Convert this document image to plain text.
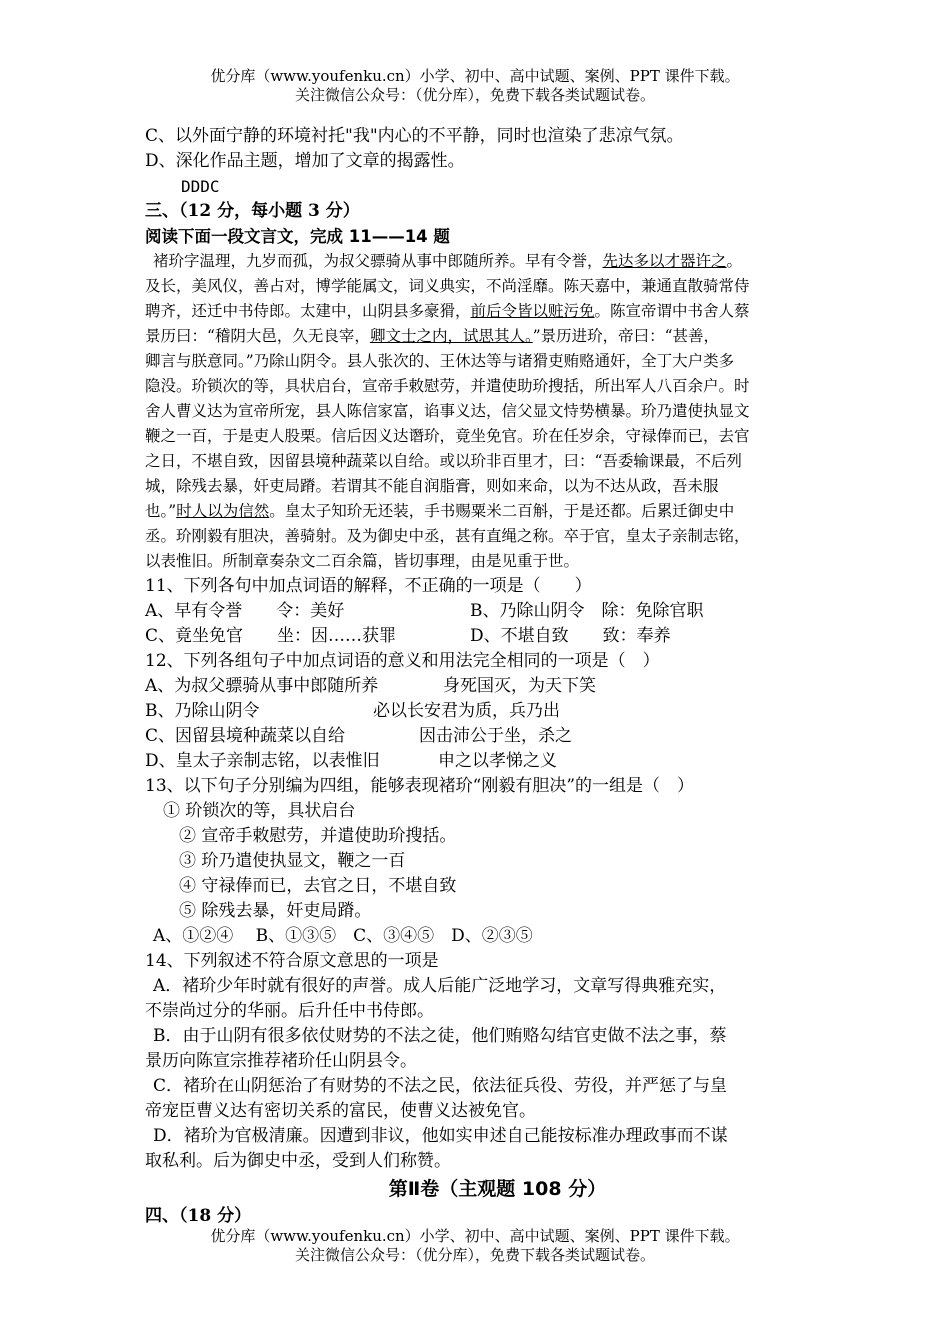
优分库（www.youfenku.cn）小学、初中、高中试题、案例、PPT 课件下载。
关注微信公众号：（优分库），免费下载各类试题试卷。
C、以外面宁静的环境衬托"我"内心的不平静，同时也渲染了悲凉气氛。
D、深化作品主题，增加了文章的揭露性。
DDDC
三、（12 分，每小题 3 分）
阅读下面一段文言文，完成 11——14 题
褚玠字温理，九岁而孤，为叔父骠骑从事中郎随所养。早有令誉，先达多以才器许之。
及长，美风仪，善占对，博学能属文，词义典实，不尚淫靡。陈天嘉中，兼通直散骑常侍
聘齐，还迁中书侍郎。太建中，山阴县多豪猾，前后令皆以赃污免。陈宣帝谓中书舍人蔡
景历曰：“稽阴大邑，久无良宰，卿文士之内，试思其人。”景历进玠，帝曰：“甚善，
卿言与朕意同。”乃除山阴令。县人张次的、王休达等与诸猾吏贿赂通奸，全丁大户类多
隐没。玠锁次的等，具状启台，宣帝手敕慰劳，并遣使助玠搜括，所出军人八百余户。时
舍人曹义达为宣帝所宠，县人陈信家富，谄事义达，信父显文恃势横暴。玠乃遣使执显文
鞭之一百，于是吏人股栗。信后因义达谮玠，竟坐免官。玠在任岁余，守禄俸而已，去官
之日，不堪自致，因留县境种蔬菜以自给。或以玠非百里才，曰：“吾委输课最，不后列
城，除残去暴，奸吏局蹐。若谓其不能自润脂膏，则如来命，以为不达从政，吾未服
也。”时人以为信然。皇太子知玠无还装，手书赐粟米二百斛，于是还都。后累迁御史中
丞。玠刚毅有胆决，善骑射。及为御史中丞，甚有直绳之称。卒于官，皇太子亲制志铭，
以表惟旧。所制章奏杂文二百余篇，皆切事理，由是见重于世。
11、下列各句中加点词语的解释，不正确的一项是（　　）
A、早有令誉　　令：美好	B、乃除山阴令　除：免除官职
C、竟坐免官　　坐：因……获罪	D、不堪自致　　致：奉养
12、下列各组句子中加点词语的意义和用法完全相同的一项是（　）
A、为叔父骠骑从事中郎随所养	身死国灭，为天下笑
B、乃除山阴令	必以长安君为质，兵乃出
C、因留县境种蔬菜以自给	因击沛公于坐，杀之
D、皇太子亲制志铭，以表惟旧	申之以孝悌之义
13、以下句子分别编为四组，能够表现褚玠“刚毅有胆决”的一组是（　）
① 玠锁次的等，具状启台
② 宣帝手敕慰劳，并遣使助玠搜括。
③ 玠乃遣使执显文，鞭之一百
④ 守禄俸而已，去官之日，不堪自致
⑤ 除残去暴，奸吏局蹐。
A、①②④　 B、①③⑤　C、③④⑤　D、②③⑤
14、下列叙述不符合原文意思的一项是
A．褚玠少年时就有很好的声誉。成人后能广泛地学习，文章写得典雅充实，
不崇尚过分的华丽。后升任中书侍郎。
B．由于山阴有很多依仗财势的不法之徒，他们贿赂勾结官吏做不法之事，蔡
景历向陈宣宗推荐褚玠任山阴县令。
C．褚玠在山阴惩治了有财势的不法之民，依法征兵役、劳役，并严惩了与皇
帝宠臣曹义达有密切关系的富民，使曹义达被免官。
D．褚玠为官极清廉。因遭到非议，他如实申述自己能按标准办理政事而不谋
取私利。后为御史中丞，受到人们称赞。
第Ⅱ卷（主观题 108 分）
四、（18 分）
优分库（www.youfenku.cn）小学、初中、高中试题、案例、PPT 课件下载。
关注微信公众号：（优分库），免费下载各类试题试卷。
